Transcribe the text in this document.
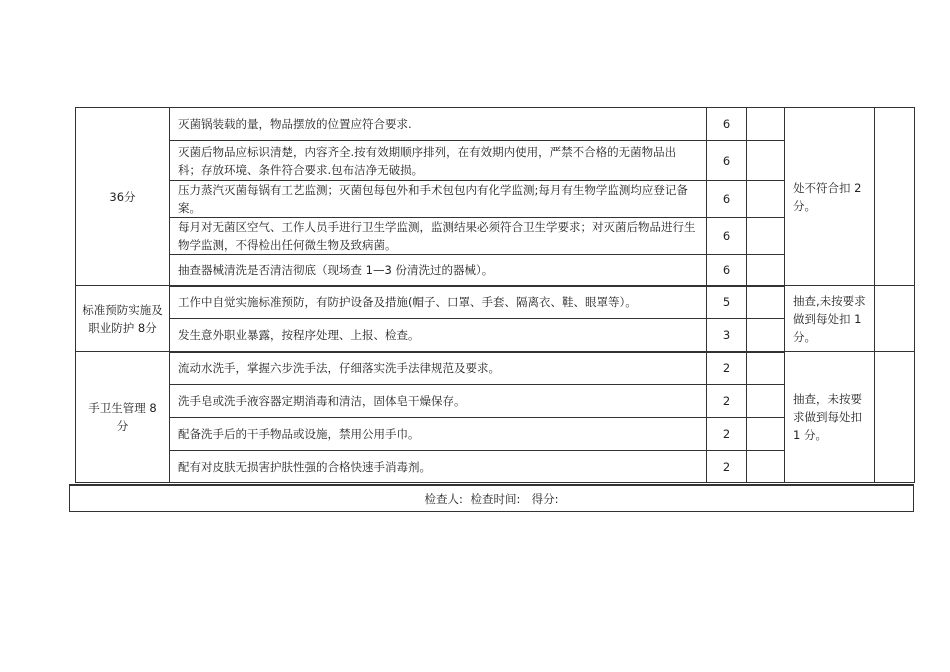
36分	灭菌锅装载的量，物品摆放的位置应符合要求.	6		处不符合扣 2 分。	
	灭菌后物品应标识清楚，内容齐全.按有效期顺序排列，在有效期内使用，严禁不合格的无菌物品出科；存放环境、条件符合要求.包布洁净无破损。	6			
	压力蒸汽灭菌每锅有工艺监测；灭菌包每包外和手术包包内有化学监测;每月有生物学监测均应登记备案。	6			
	每月对无菌区空气、工作人员手进行卫生学监测，监测结果必须符合卫生学要求；对灭菌后物品进行生物学监测，不得检出任何微生物及致病菌。	6			
	抽查器械清洗是否清洁彻底（现场查 1—3 份清洗过的器械）。	6			
标准预防实施及职业防护 8分	工作中自觉实施标准预防，有防护设备及措施(帽子、口罩、手套、隔离衣、鞋、眼罩等）。	5		抽查,未按要求做到每处扣 1 分。	
	发生意外职业暴露，按程序处理、上报、检查。	3			
手卫生管理 8分	流动水洗手，掌握六步洗手法，仔细落实洗手法律规范及要求。	2		抽查，未按要求做到每处扣 1 分。	
	洗手皂或洗手液容器定期消毒和清洁，固体皂干燥保存。	2			
	配备洗手后的干手物品或设施，禁用公用手巾。	2			
	配有对皮肤无损害护肤性强的合格快速手消毒剂。	2			
检查人: 检查时间: 得分:
